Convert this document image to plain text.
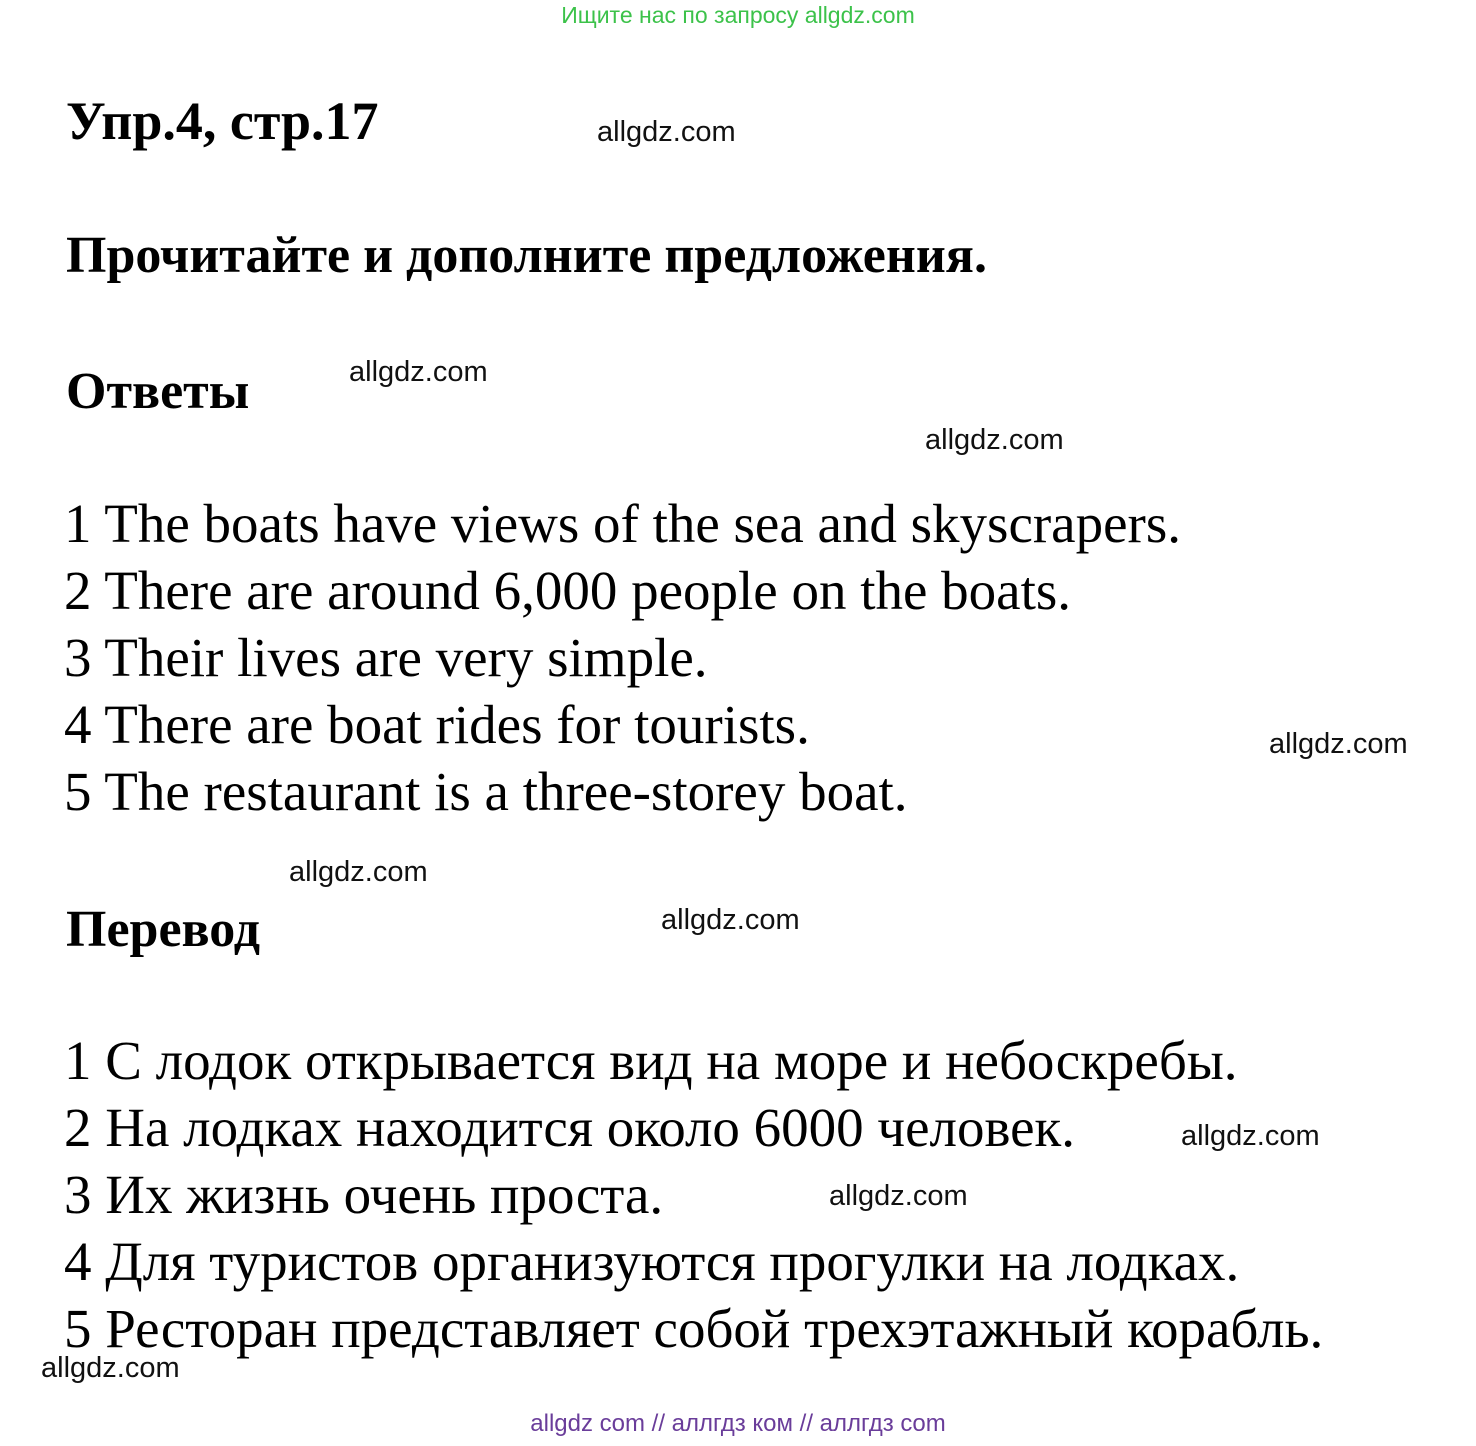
Ищите нас по запросу allgdz.com
Упр.4, стр.17
Прочитайте и дополните предложения.
Ответы
1 The boats have views of the sea and skyscrapers.
2 There are around 6,000 people on the boats.
3 Their lives are very simple.
4 There are boat rides for tourists.
5 The restaurant is a three-storey boat.
Перевод
1 С лодок открывается вид на море и небоскребы.
2 На лодках находится около 6000 человек.
3 Их жизнь очень проста.
4 Для туристов организуются прогулки на лодках.
5 Ресторан представляет собой трехэтажный корабль.
allgdz.com
allgdz.com
allgdz.com
allgdz.com
allgdz.com
allgdz.com
allgdz.com
allgdz.com
allgdz.com
allgdz com // аллгдз ком // аллгдз com
